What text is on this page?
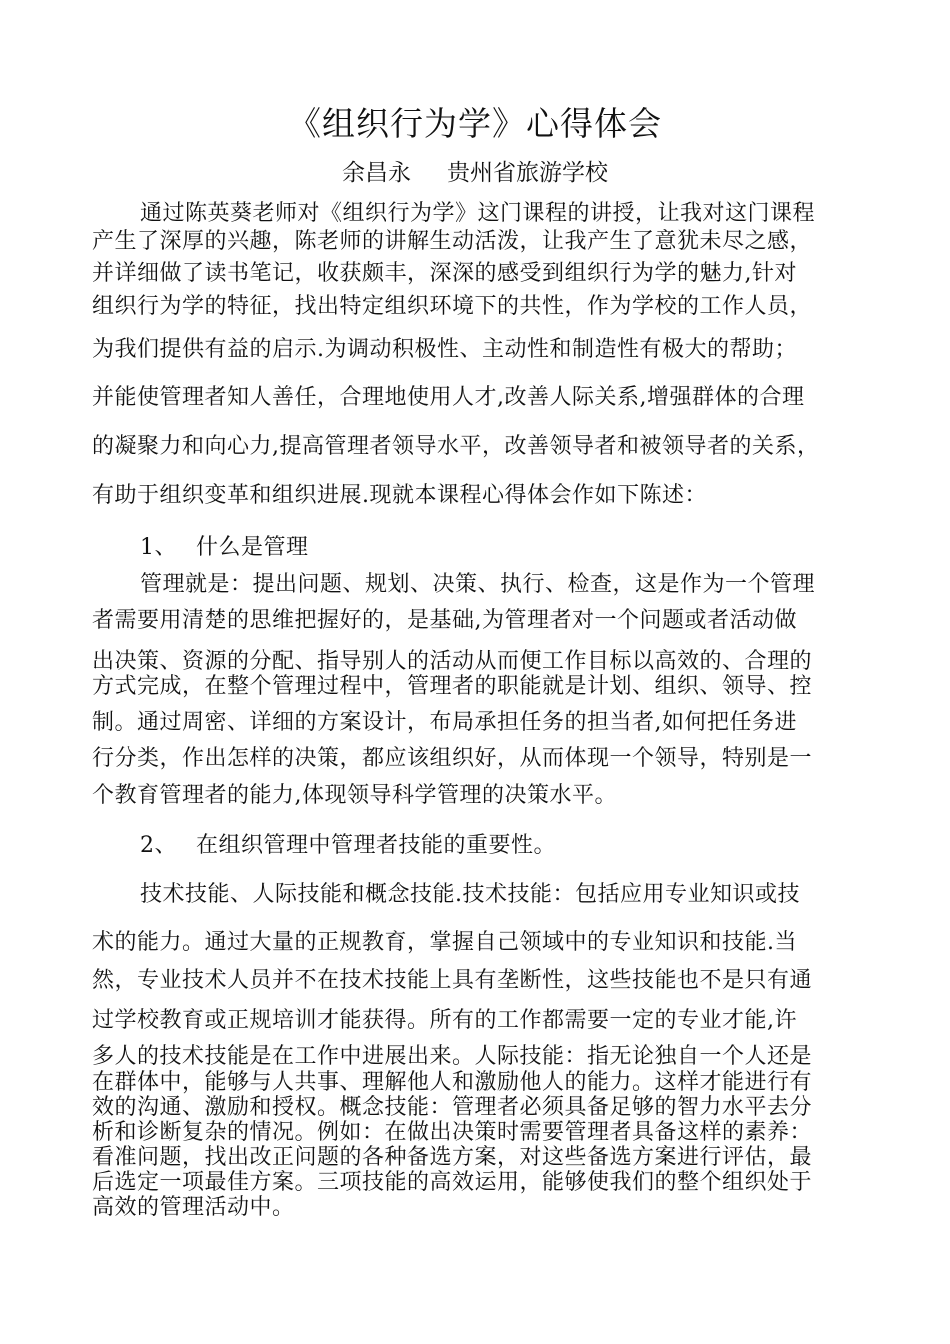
《组织行为学》心得体会
余昌永 贵州省旅游学校
通过陈英葵老师对《组织行为学》这门课程的讲授，让我对这门课程
产生了深厚的兴趣，陈老师的讲解生动活泼，让我产生了意犹未尽之感，
并详细做了读书笔记，收获颇丰，深深的感受到组织行为学的魅力,针对
组织行为学的特征，找出特定组织环境下的共性，作为学校的工作人员，
为我们提供有益的启示.为调动积极性、主动性和制造性有极大的帮助；
并能使管理者知人善任，合理地使用人才,改善人际关系,增强群体的合理
的凝聚力和向心力,提高管理者领导水平，改善领导者和被领导者的关系，
有助于组织变革和组织进展.现就本课程心得体会作如下陈述：
1、 什么是管理
管理就是：提出问题、规划、决策、执行、检查，这是作为一个管理
者需要用清楚的思维把握好的，是基础,为管理者对一个问题或者活动做
出决策、资源的分配、指导别人的活动从而便工作目标以高效的、合理的
方式完成，在整个管理过程中，管理者的职能就是计划、组织、领导、控
制。通过周密、详细的方案设计，布局承担任务的担当者,如何把任务进
行分类，作出怎样的决策，都应该组织好，从而体现一个领导，特别是一
个教育管理者的能力,体现领导科学管理的决策水平。
2、 在组织管理中管理者技能的重要性。
技术技能、人际技能和概念技能.技术技能：包括应用专业知识或技
术的能力。通过大量的正规教育，掌握自己领域中的专业知识和技能.当
然，专业技术人员并不在技术技能上具有垄断性，这些技能也不是只有通
过学校教育或正规培训才能获得。所有的工作都需要一定的专业才能,许
多人的技术技能是在工作中进展出来。人际技能：指无论独自一个人还是
在群体中，能够与人共事、理解他人和激励他人的能力。这样才能进行有
效的沟通、激励和授权。概念技能：管理者必须具备足够的智力水平去分
析和诊断复杂的情况。例如：在做出决策时需要管理者具备这样的素养：
看准问题，找出改正问题的各种备选方案，对这些备选方案进行评估，最
后选定一项最佳方案。三项技能的高效运用，能够使我们的整个组织处于
高效的管理活动中。
